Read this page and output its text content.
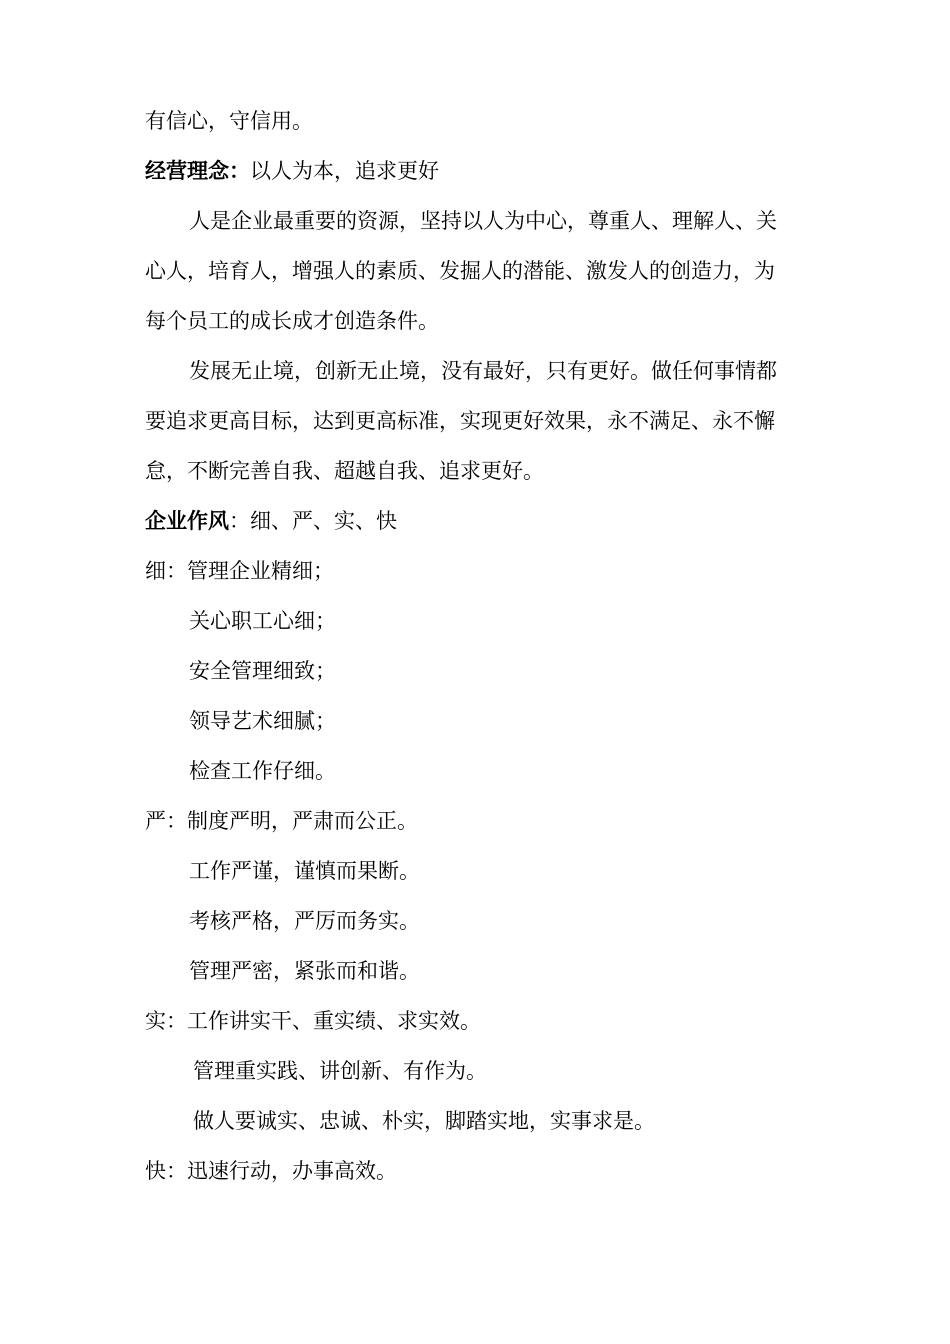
有信心，守信用。
经营理念：以人为本，追求更好
人是企业最重要的资源，坚持以人为中心，尊重人、理解人、关
心人，培育人，增强人的素质、发掘人的潜能、激发人的创造力，为
每个员工的成长成才创造条件。
发展无止境，创新无止境，没有最好，只有更好。做任何事情都
要追求更高目标，达到更高标准，实现更好效果，永不满足、永不懈
怠，不断完善自我、超越自我、追求更好。
企业作风：细、严、实、快
细：管理企业精细；
关心职工心细；
安全管理细致；
领导艺术细腻；
检查工作仔细。
严：制度严明，严肃而公正。
工作严谨，谨慎而果断。
考核严格，严厉而务实。
管理严密，紧张而和谐。
实：工作讲实干、重实绩、求实效。
管理重实践、讲创新、有作为。
做人要诚实、忠诚、朴实，脚踏实地，实事求是。
快：迅速行动，办事高效。
